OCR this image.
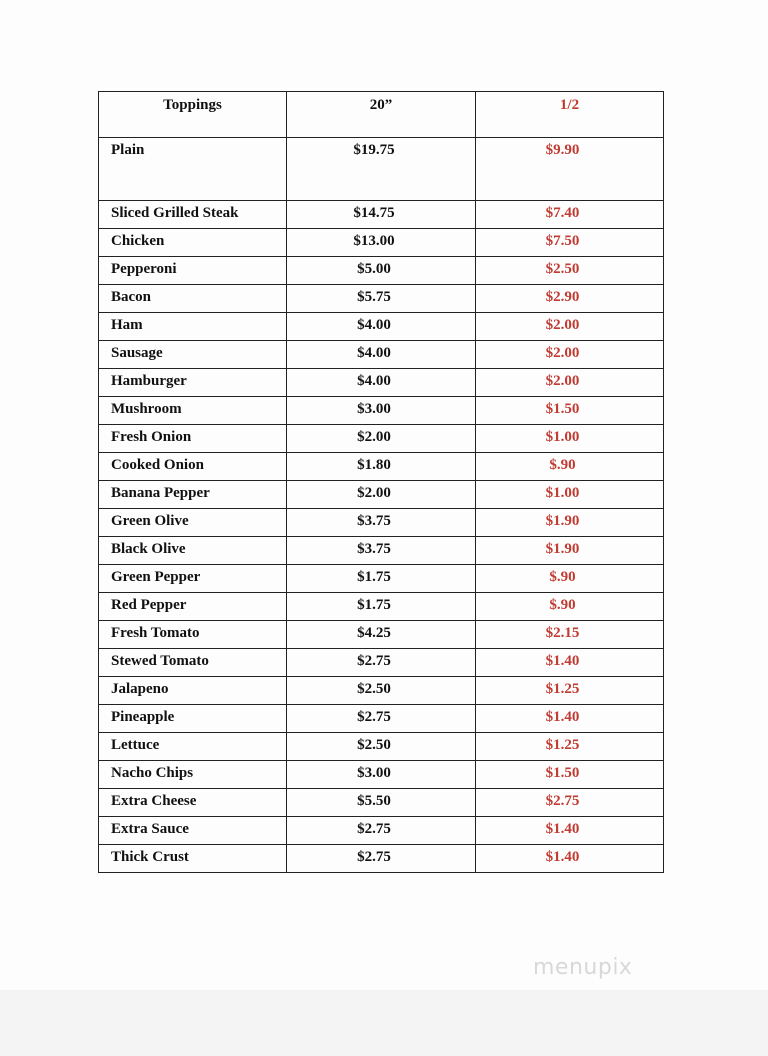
Toppings	20”	1/2
Plain	$19.75	$9.90
Sliced Grilled Steak	$14.75	$7.40
Chicken	$13.00	$7.50
Pepperoni	$5.00	$2.50
Bacon	$5.75	$2.90
Ham	$4.00	$2.00
Sausage	$4.00	$2.00
Hamburger	$4.00	$2.00
Mushroom	$3.00	$1.50
Fresh Onion	$2.00	$1.00
Cooked Onion	$1.80	$.90
Banana Pepper	$2.00	$1.00
Green Olive	$3.75	$1.90
Black Olive	$3.75	$1.90
Green Pepper	$1.75	$.90
Red Pepper	$1.75	$.90
Fresh Tomato	$4.25	$2.15
Stewed Tomato	$2.75	$1.40
Jalapeno	$2.50	$1.25
Pineapple	$2.75	$1.40
Lettuce	$2.50	$1.25
Nacho Chips	$3.00	$1.50
Extra Cheese	$5.50	$2.75
Extra Sauce	$2.75	$1.40
Thick Crust	$2.75	$1.40
menupix
